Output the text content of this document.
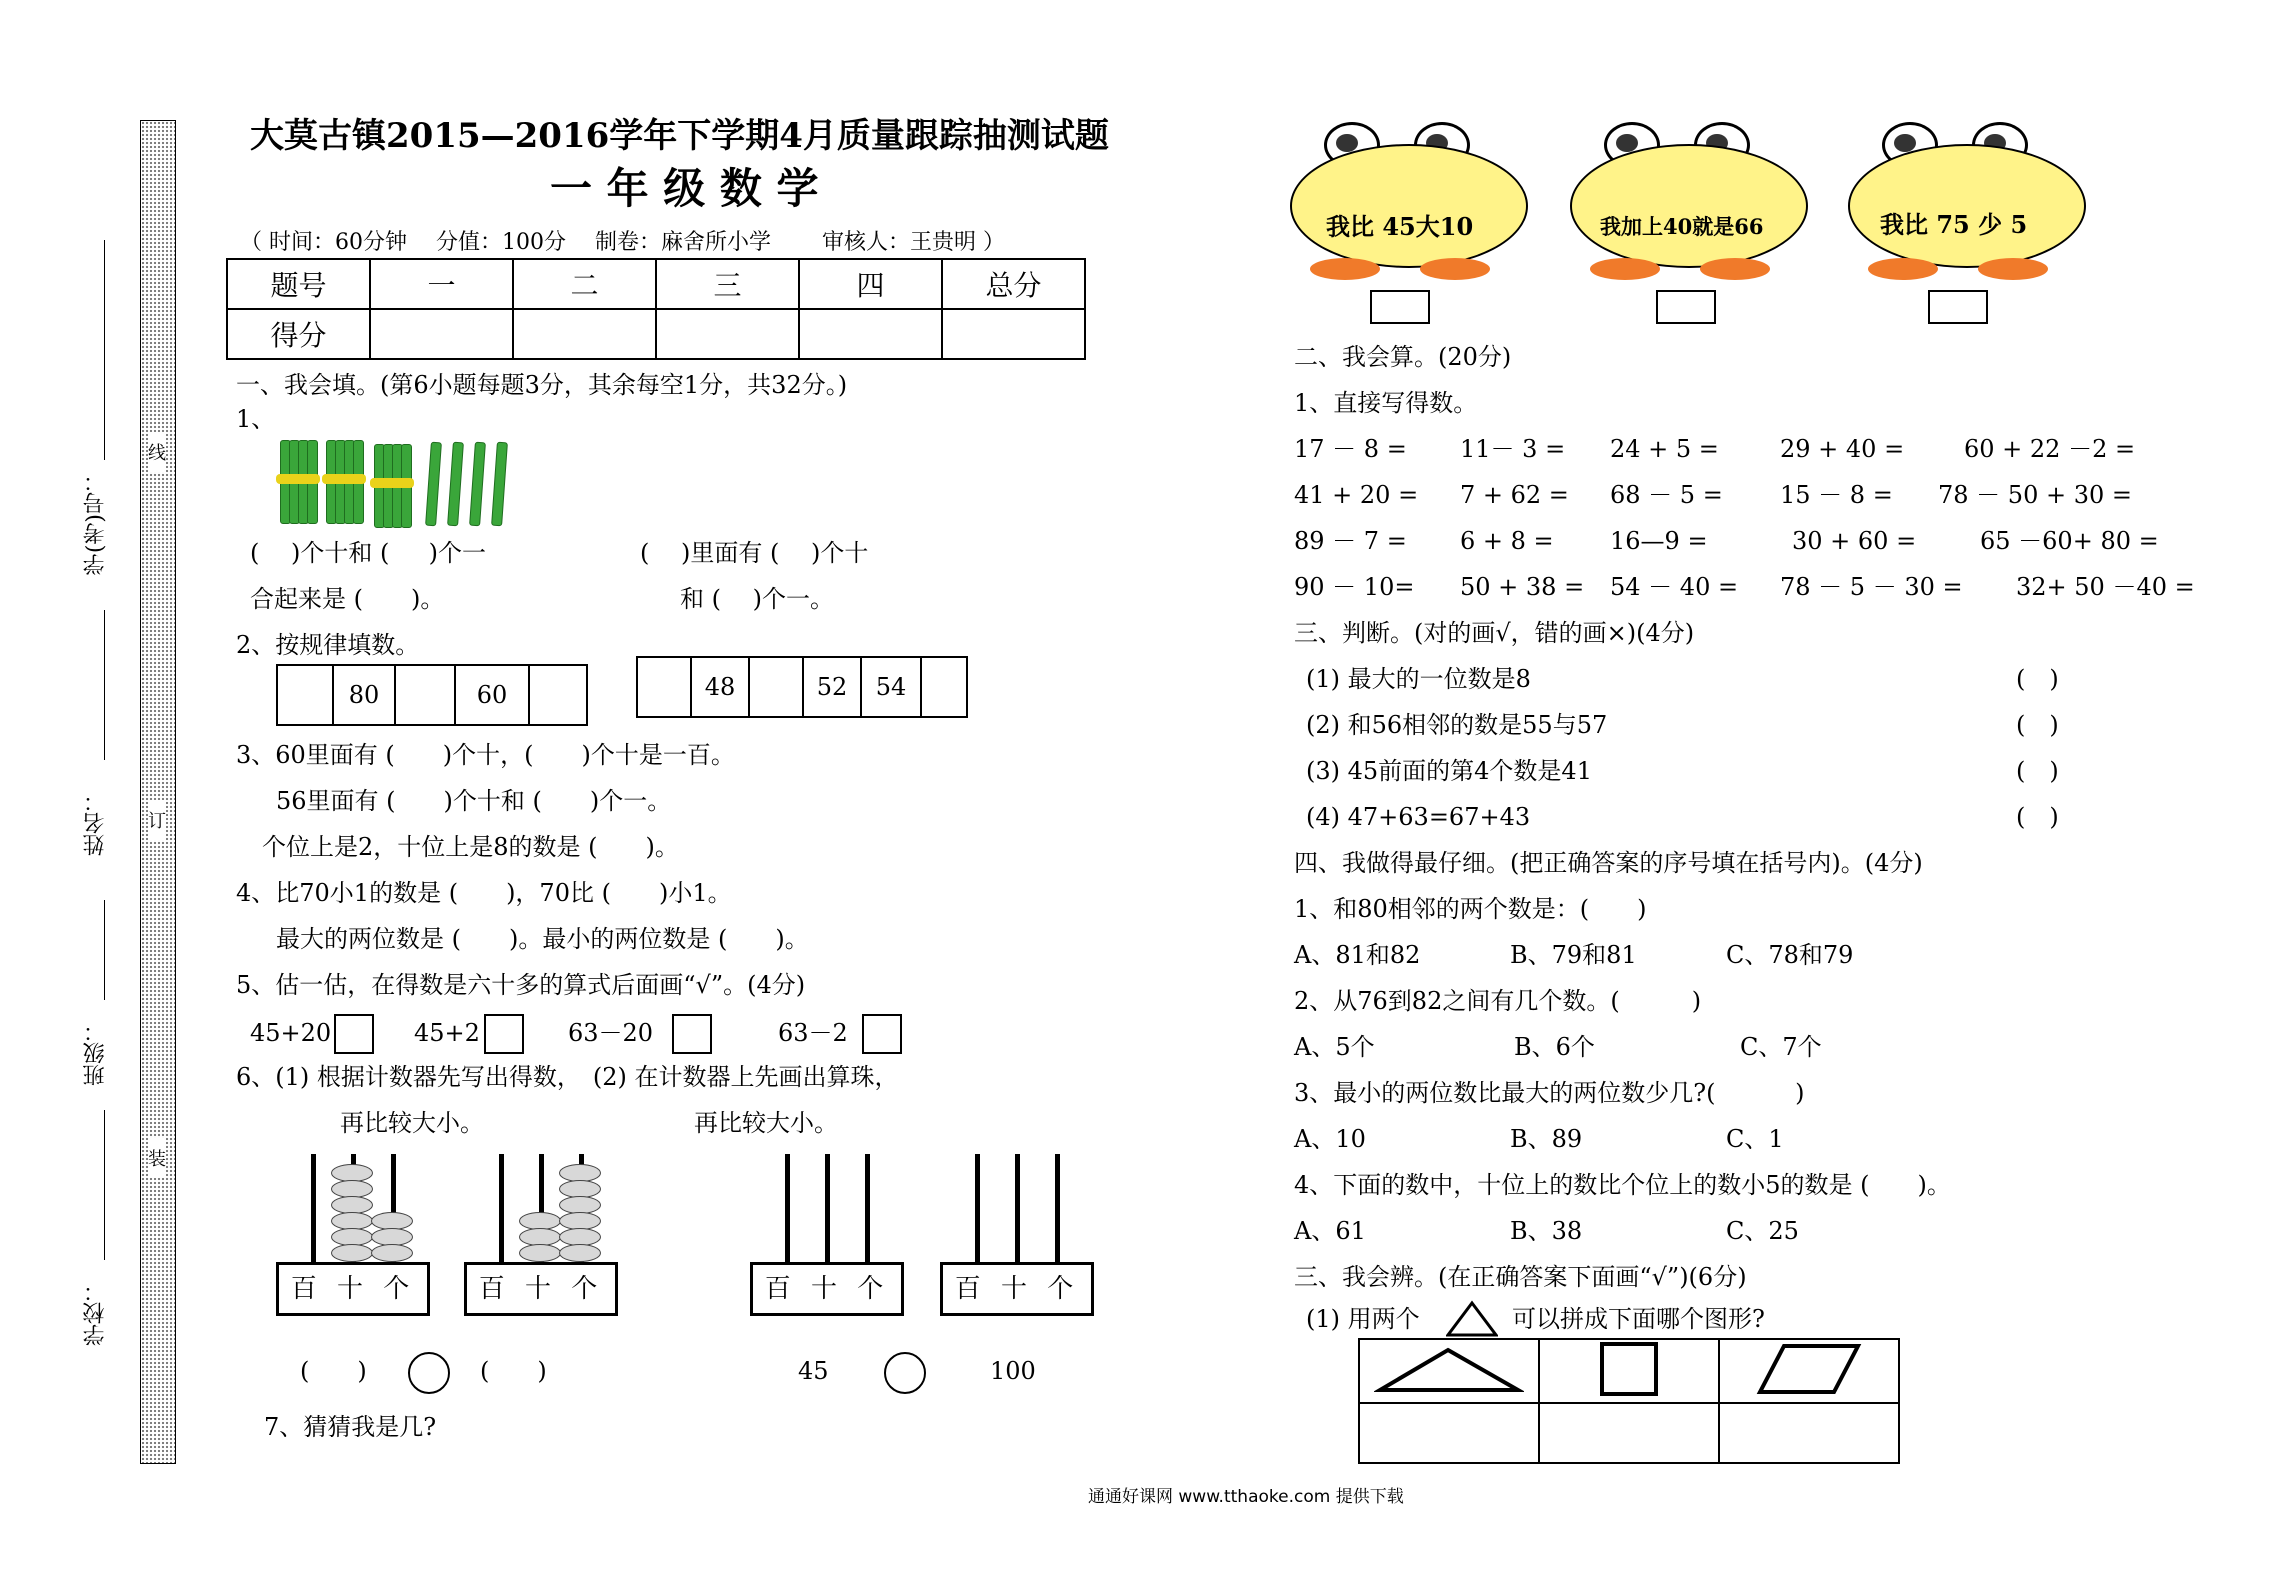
线
订
装
学(考)号：
姓名：
班级：
学校：
大莫古镇2015—2016学年下学期4月质量跟踪抽测试题
一 年 级 数 学
（ 时间：60分钟 　分值：100分 　制卷：麻舍所小学 　　审核人：王贵明 ）
题号	一	二	三	四	总分
得分					
一、我会填。(第6小题每题3分，其余每空1分，共32分。)
1、
(　 )个十和 ( 　 )个一	(　 )里面有 (　 )个十
合起来是 (　　)。	和 ( 　)个一。
2、按规律填数。
80	60	48	52	54
3、60里面有 (　　)个十，(　　)个十是一百。
56里面有 (　　)个十和 (　　)个一。
个位上是2，十位上是8的数是 (　　)。
4、比70小1的数是 (　　)，70比 (　　)小1。
最大的两位数是 (　　)。最小的两位数是 (　　)。
5、估一估，在得数是六十多的算式后面画“√”。(4分)
45+20	45+2	63－20	63－2
6、(1) 根据计数器先写出得数，　(2) 在计数器上先画出算珠，
再比较大小。	再比较大小。
百 十 个	百 十 个	百 十 个	百 十 个
(　　)	(　　)	45	100
7、猜猜我是几?
我比 45大10	我加上40就是66	我比 75 少 5
二、我会算。(20分)
1、直接写得数。
17 － 8 = 11－ 3 = 24 + 5 =	29 + 40 = 60 + 22 －2 =
41 + 20 = 7 + 62 = 68 － 5 = 15 － 8 = 78 － 50 + 30 =
89 － 7 = 6 + 8 = 16—9 =	30 + 60 =	65 －60+ 80 =
90 － 10= 50 + 38 = 54 － 40 = 78 － 5 － 30 = 32+ 50 －40 =
三、判断。(对的画√，错的画×)(4分)
(1) 最大的一位数是8	(　)
(2) 和56相邻的数是55与57	(　)
(3) 45前面的第4个数是41	(　)
(4) 47+63=67+43	(　)
四、我做得最仔细。(把正确答案的序号填在括号内)。(4分)
1、和80相邻的两个数是：(　　)
A、81和82	B、79和81	C、78和79
2、从76到82之间有几个数。(　　　)
A、5个	B、6个	C、7个
3、最小的两位数比最大的两位数少几?(　　　 )
A、10	B、89	C、1
4、下面的数中，十位上的数比个位上的数小5的数是 (　　)。
A、61	B、38	C、25
三、我会辨。(在正确答案下面画“√”)(6分)
(1) 用两个	可以拼成下面哪个图形?

通通好课网 www.tthaoke.com 提供下载
